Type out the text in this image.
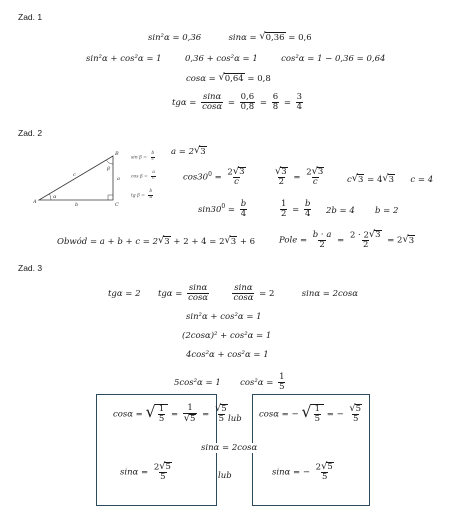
Zad. 1
sin²α = 0,36	sinα = √ 0,36 = 0,6
sin²α + cos²α = 1	0,36 + cos²α = 1	cos²α = 1 − 0,36 = 0,64
cosα = √ 0,64 = 0,8
$tg\alpha = \frac{\sin\alpha}{\cos\alpha} = \frac{0,6}{0,8} = \frac{6}{8} = \frac{3}{4}$
Zad. 2
A	C
B
a
b
c
α
β
$\sin \beta = \frac{b}{c}$
$\cos \beta = \frac{a}{c}$
tg $\beta = \frac{b}{a}$
a = 2 √ 3
$\cos 30^0 = \frac{2 √ 3}{c}$	$\frac{√3}{2} = \frac{2 √ 3}{c}$	c √ 3 = 4 √ 3 c = 4
$\sin 30^0 = \frac{b}{4}$	$\frac{1}{2} = \frac{b}{4} 2b = 4$ b = 2
Obwód = a + b + c = 2 √ 3 + 2 + 4 = 2 √ 3 + 6	Pole = $\frac{b \cdot a}{2} = \frac{2 \cdot 2 √ 3}{2} = 2$ √ 3
Zad. 3
tgα = 2 $tg\alpha = \frac{\sin\alpha}{\cos\alpha}$
	$\frac{\sin\alpha}{\cos\alpha} = 2$	sinα = 2cosα
sin²α + cos²α = 1
(2cosα)² + cos²α = 1
4cos²α + cos²α = 1
5cos²α = 1 $\cos^2\alpha = \frac{1}{5}$
cosα = √ 1
$5 = \frac{1}{√ 5} = \frac{√ 5}{5}$ lub cosα = − √ 1
5 = − $\frac{√ 5}{5}$
sinα = 2cosα
$\sin\alpha = \frac{2 √ 5}{5}$	lub	sinα = − $\frac{2 √ 5}{5}$
